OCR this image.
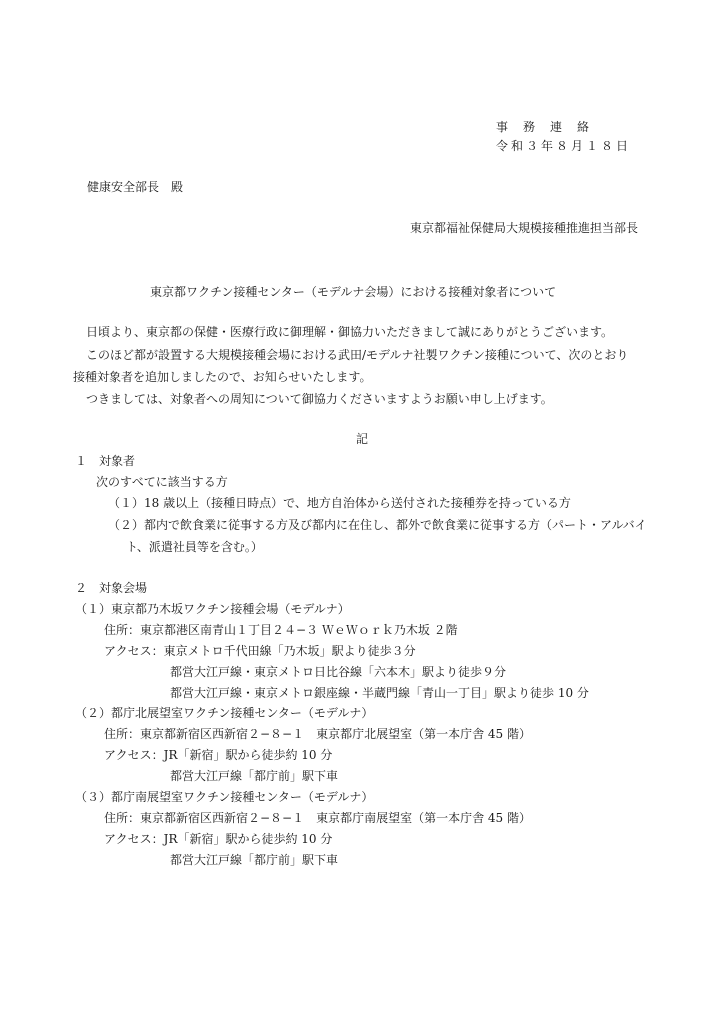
事務連絡
令和３年８月１８日
健康安全部長　殿
東京都福祉保健局大規模接種推進担当部長
東京都ワクチン接種センター（モデルナ会場）における接種対象者について
日頃より、東京都の保健・医療行政に御理解・御協力いただきまして誠にありがとうございます。
このほど都が設置する大規模接種会場における武田/モデルナ社製ワクチン接種について、次のとおり
接種対象者を追加しましたので、お知らせいたします。
つきましては、対象者への周知について御協力くださいますようお願い申し上げます。
記
１　対象者
次のすべてに該当する方
（１）18 歳以上（接種日時点）で、地方自治体から送付された接種券を持っている方
（２）都内で飲食業に従事する方及び都内に在住し、都外で飲食業に従事する方（パート・アルバイ
ト、派遣社員等を含む。）
２　対象会場
（１）東京都乃木坂ワクチン接種会場（モデルナ）
住所：東京都港区南青山１丁目２４−３ ＷｅＷｏｒｋ乃木坂 ２階
アクセス：東京メトロ千代田線「乃木坂」駅より徒歩３分
都営大江戸線・東京メトロ日比谷線「六本木」駅より徒歩９分
都営大江戸線・東京メトロ銀座線・半蔵門線「青山一丁目」駅より徒歩 10 分
（２）都庁北展望室ワクチン接種センター（モデルナ）
住所：東京都新宿区西新宿２−８−１　東京都庁北展望室（第一本庁舎 45 階）
アクセス：JR「新宿」駅から徒歩約 10 分
都営大江戸線「都庁前」駅下車
（３）都庁南展望室ワクチン接種センター（モデルナ）
住所：東京都新宿区西新宿２−８−１　東京都庁南展望室（第一本庁舎 45 階）
アクセス：JR「新宿」駅から徒歩約 10 分
都営大江戸線「都庁前」駅下車
